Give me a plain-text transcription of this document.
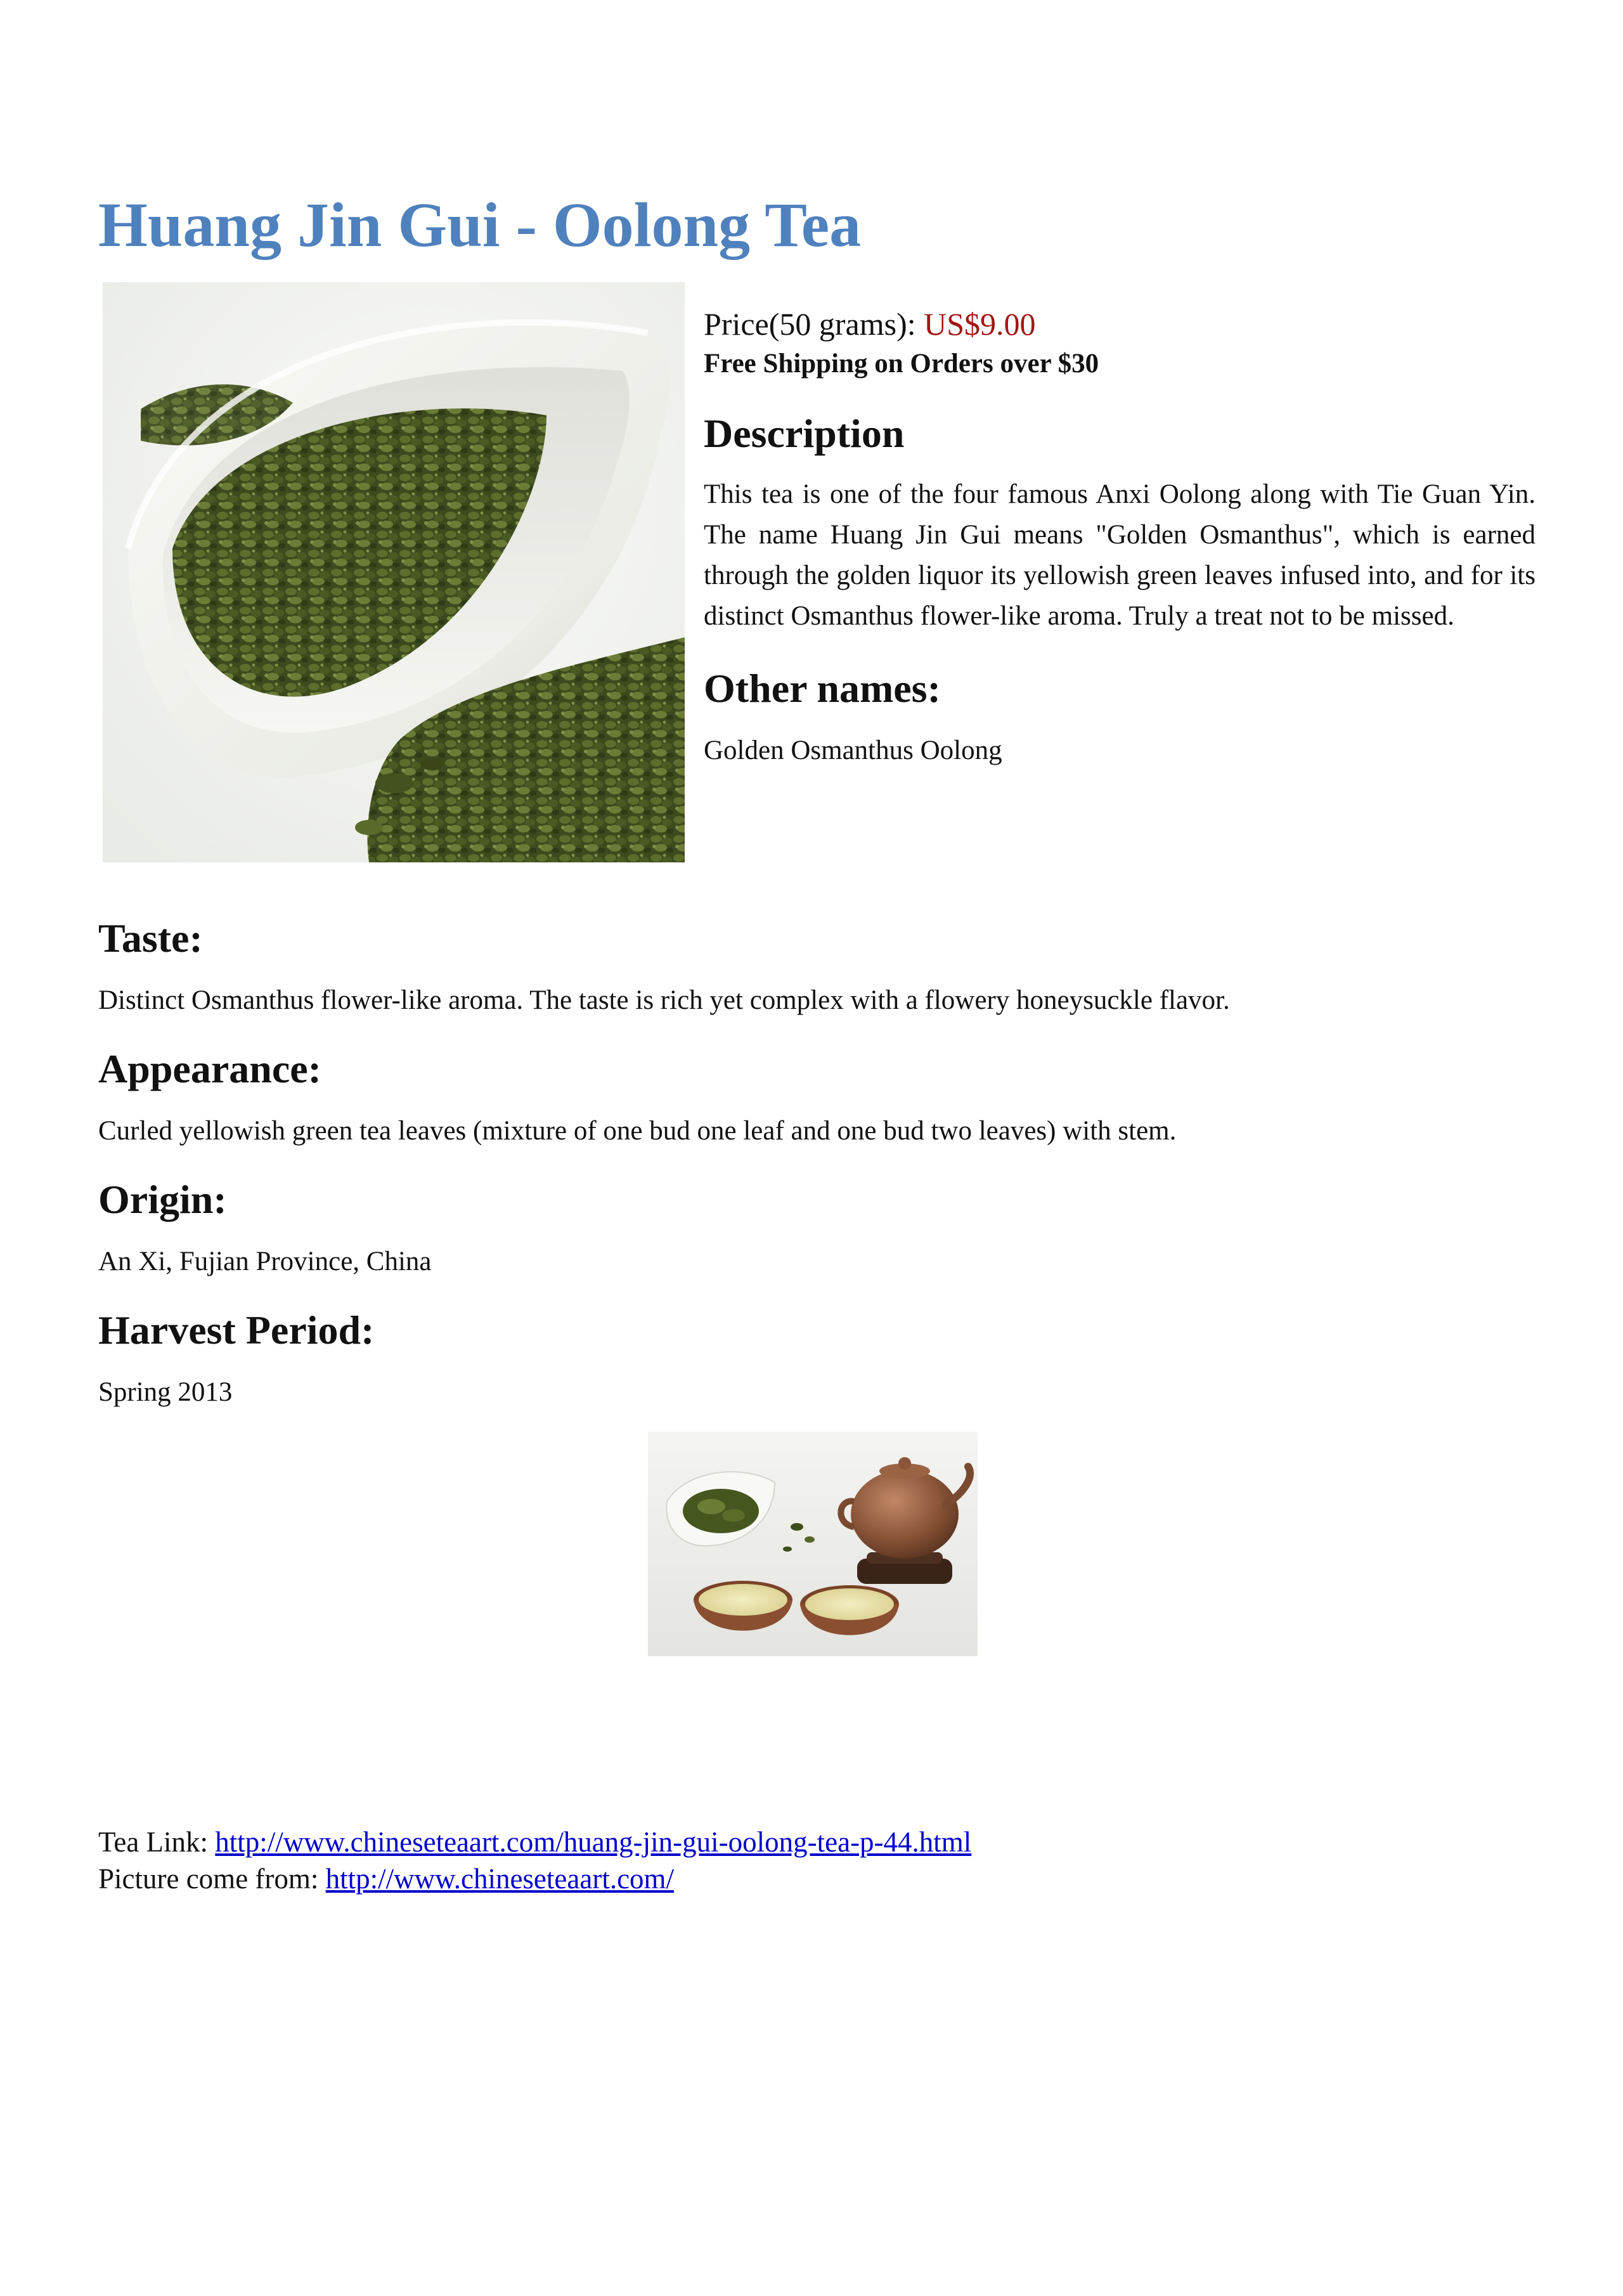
Huang Jin Gui - Oolong Tea

Price(50 grams): US$9.00

Free Shipping on Orders over $30

Description

This tea is one of the four famous Anxi Oolong along with Tie Guan Yin. The name Huang Jin Gui means "Golden Osmanthus", which is earned through the golden liquor its yellowish green leaves infused into, and for its distinct Osmanthus flower-like aroma. Truly a treat not to be missed.

Other names:

Golden Osmanthus Oolong

Taste:

Distinct Osmanthus flower-like aroma. The taste is rich yet complex with a flowery honeysuckle flavor.

Appearance:

Curled yellowish green tea leaves (mixture of one bud one leaf and one bud two leaves) with stem.

Origin:

An Xi, Fujian Province, China

Harvest Period:

Spring 2013

Tea Link: http://www.chineseteaart.com/huang-jin-gui-oolong-tea-p-44.html
Picture come from: http://www.chineseteaart.com/
